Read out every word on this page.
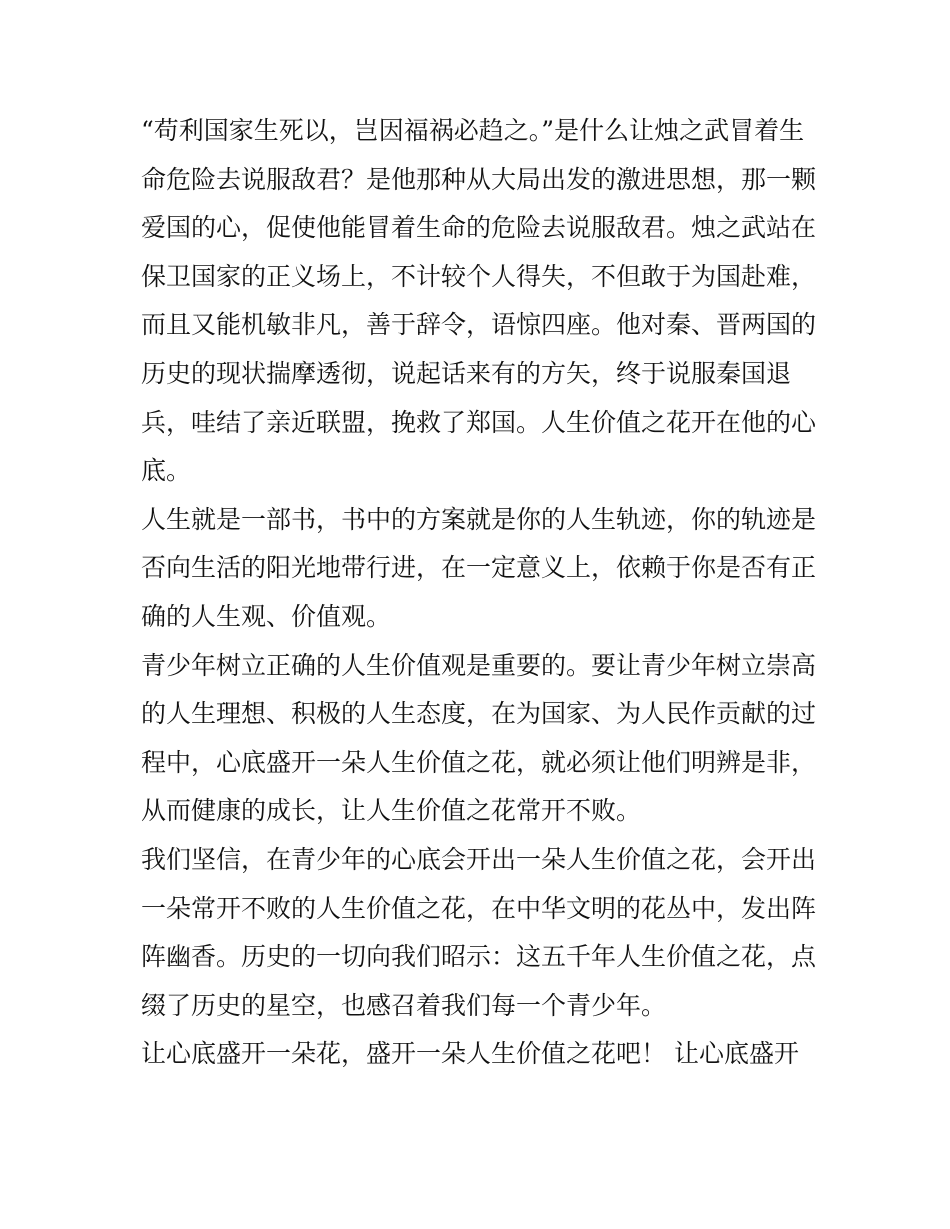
“苟利国家生死以，岂因福祸必趋之。”是什么让烛之武冒着生
命危险去说服敌君？是他那种从大局出发的激进思想，那一颗
爱国的心，促使他能冒着生命的危险去说服敌君。烛之武站在
保卫国家的正义场上，不计较个人得失，不但敢于为国赴难，
而且又能机敏非凡，善于辞令，语惊四座。他对秦、晋两国的
历史的现状揣摩透彻，说起话来有的方矢，终于说服秦国退
兵，哇结了亲近联盟，挽救了郑国。人生价值之花开在他的心
底。
人生就是一部书，书中的方案就是你的人生轨迹，你的轨迹是
否向生活的阳光地带行进，在一定意义上，依赖于你是否有正
确的人生观、价值观。
青少年树立正确的人生价值观是重要的。要让青少年树立崇高
的人生理想、积极的人生态度，在为国家、为人民作贡献的过
程中，心底盛开一朵人生价值之花，就必须让他们明辨是非，
从而健康的成长，让人生价值之花常开不败。
我们坚信，在青少年的心底会开出一朵人生价值之花，会开出
一朵常开不败的人生价值之花，在中华文明的花丛中，发出阵
阵幽香。历史的一切向我们昭示：这五千年人生价值之花，点
缀了历史的星空，也感召着我们每一个青少年。
让心底盛开一朵花，盛开一朵人生价值之花吧！ 让心底盛开
